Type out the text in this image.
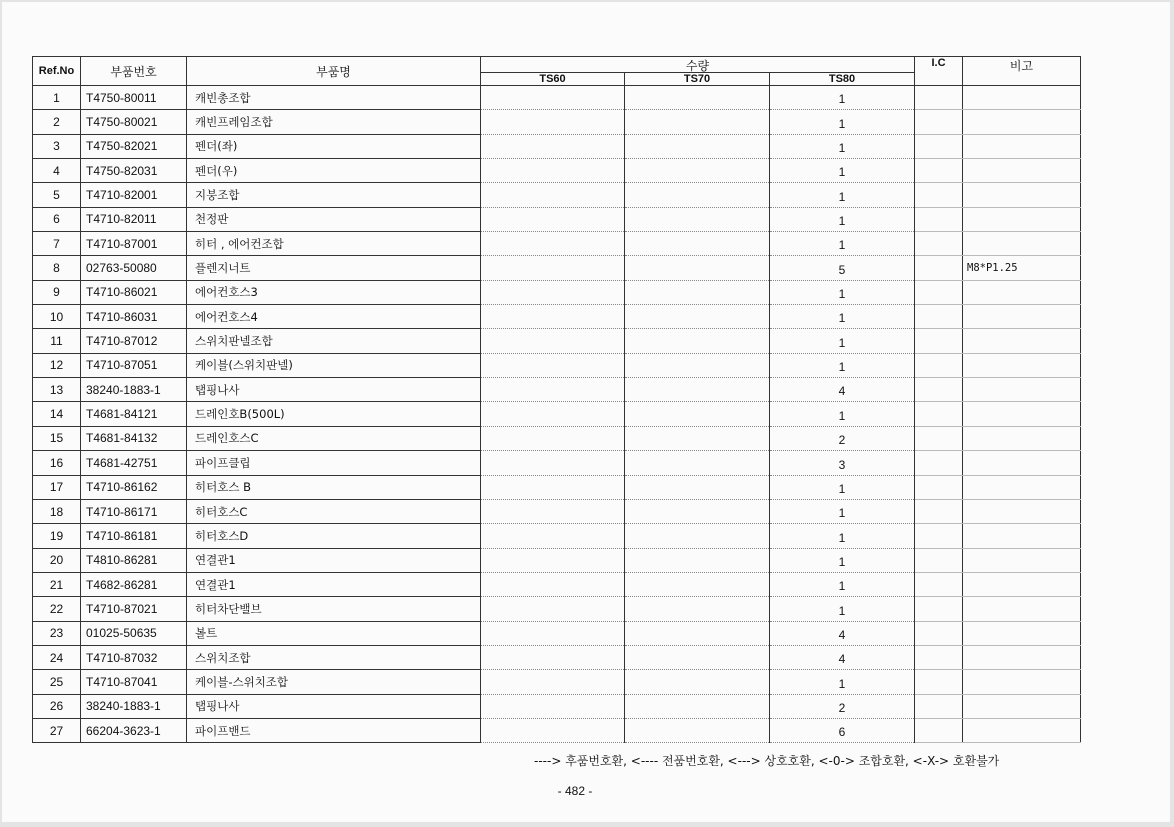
Ref.No	부품번호	부품명	수량			I.C	비고
			TS60	TS70	TS80		
1	T4750-80011	캐빈총조합			1		
2	T4750-80021	캐빈프레임조합			1		
3	T4750-82021	펜더(좌)			1		
4	T4750-82031	펜더(우)			1		
5	T4710-82001	지붕조합			1		
6	T4710-82011	천정판			1		
7	T4710-87001	히터 , 에어컨조합			1		
8	02763-50080	플렌지너트			5		M8*P1.25
9	T4710-86021	에어컨호스3			1		
10	T4710-86031	에어컨호스4			1		
11	T4710-87012	스위치판넬조합			1		
12	T4710-87051	케이블(스위치판넬)			1		
13	38240-1883-1	탭핑나사			4		
14	T4681-84121	드레인호B(500L)			1		
15	T4681-84132	드레인호스C			2		
16	T4681-42751	파이프클립			3		
17	T4710-86162	히터호스 B			1		
18	T4710-86171	히터호스C			1		
19	T4710-86181	히터호스D			1		
20	T4810-86281	연결관1			1		
21	T4682-86281	연결관1			1		
22	T4710-87021	히터차단밸브			1		
23	01025-50635	볼트			4		
24	T4710-87032	스위치조합			4		
25	T4710-87041	케이블-스위치조합			1		
26	38240-1883-1	탭핑나사			2		
27	66204-3623-1	파이프밴드			6		
----> 후품번호환, <---- 전품번호환, <---> 상호호환, <-0-> 조합호환, <-X-> 호환불가
- 482 -
